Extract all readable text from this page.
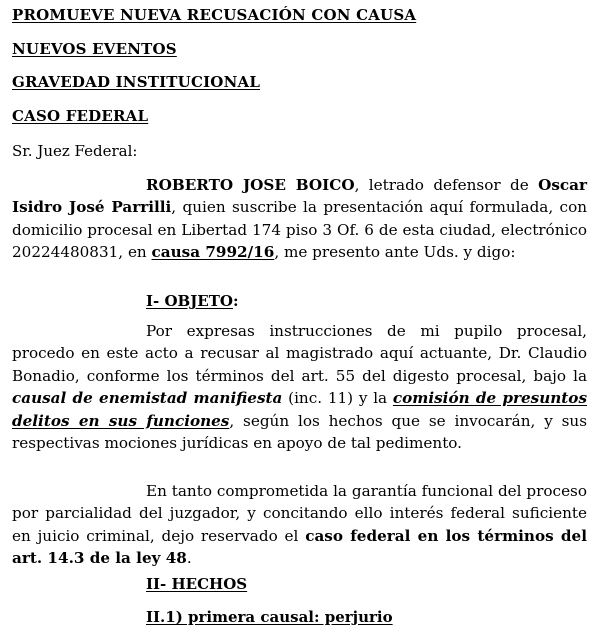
PROMUEVE NUEVA RECUSACIÓN CON CAUSA
NUEVOS EVENTOS
GRAVEDAD INSTITUCIONAL
CASO FEDERAL
Sr. Juez Federal:

ROBERTO JOSE BOICO, letrado defensor de Oscar Isidro José Parrilli, quien suscribe la presentación aquí formulada, con domicilio procesal en Libertad 174 piso 3 Of. 6 de esta ciudad, electrónico 20224480831, en causa 7992/16, me presento ante Uds. y digo:

I- OBJETO:

Por expresas instrucciones de mi pupilo procesal, procedo en este acto a recusar al magistrado aquí actuante, Dr. Claudio Bonadio, conforme los términos del art. 55 del digesto procesal, bajo la causal de enemistad manifiesta (inc. 11) y la comisión de presuntos delitos en sus funciones, según los hechos que se invocarán, y sus respectivas mociones jurídicas en apoyo de tal pedimento.

En tanto comprometida la garantía funcional del proceso por parcialidad del juzgador, y concitando ello interés federal suficiente en juicio criminal, dejo reservado el caso federal en los términos del art. 14.3 de la ley 48.

II- HECHOS
II.1) primera causal: perjurio
